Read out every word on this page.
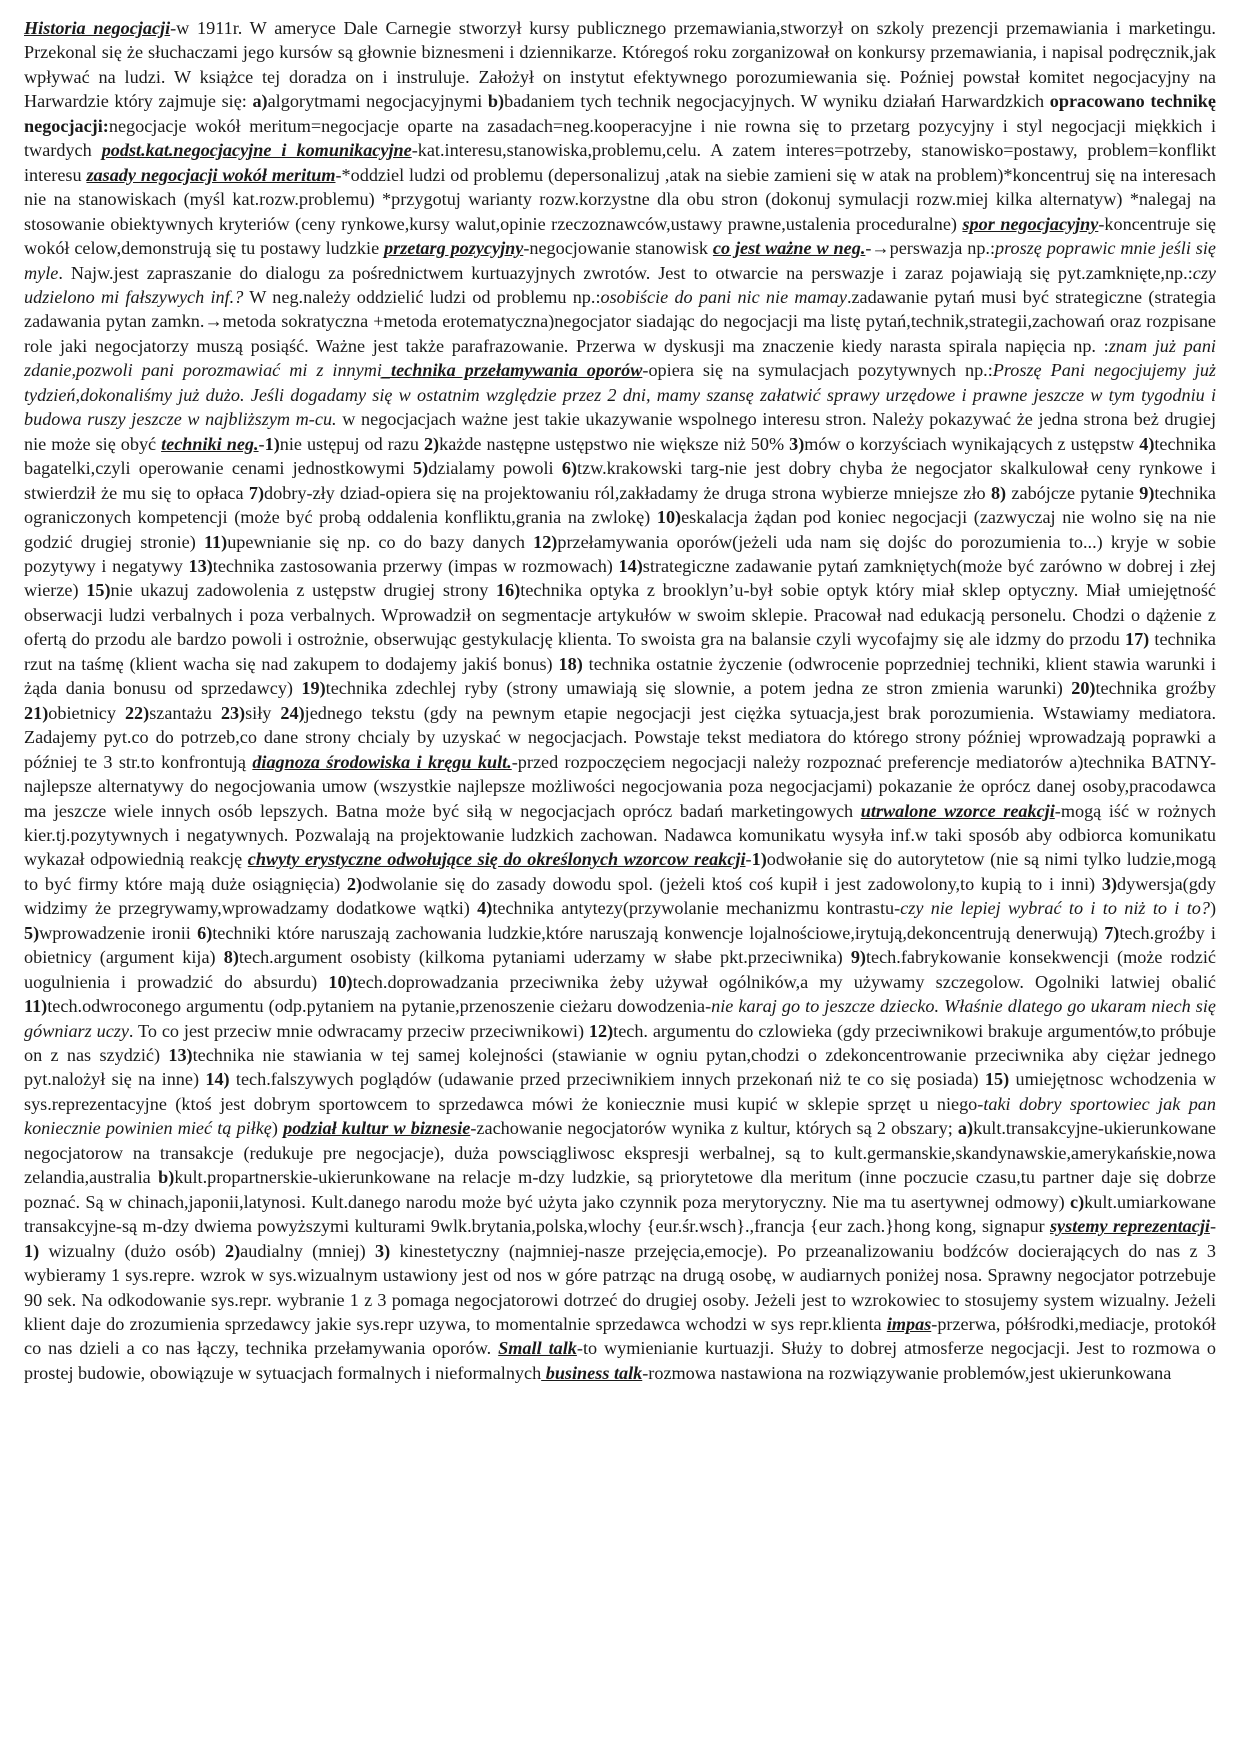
Historia negocjacji-w 1911r. W ameryce Dale Carnegie stworzył kursy publicznego przemawiania,stworzył on szkoly prezencji przemawiania i marketingu. Przekonal się że słuchaczami jego kursów są głownie biznesmeni i dziennikarze. Któregoś roku zorganizował on konkursy przemawiania, i napisal podręcznik,jak wpływać na ludzi. W książce tej doradza on i instruluje. Założył on instytut efektywnego porozumiewania się. Poźniej powstał komitet negocjacyjny na Harwardzie który zajmuje się: a)algorytmami negocjacyjnymi b)badaniem tych technik negocjacyjnych. W wyniku działań Harwardzkich opracowano technikę negocjacji:negocjacje wokół meritum=negocjacje oparte na zasadach=neg.kooperacyjne i nie rowna się to przetarg pozycyjny i styl negocjacji miękkich i twardych podst.kat.negocjacyjne i komunikacyjne-kat.interesu,stanowiska,problemu,celu. A zatem interes=potrzeby, stanowisko=postawy, problem=konflikt interesu zasady negocjacji wokół meritum-*oddziel ludzi od problemu (depersonalizuj ,atak na siebie zamieni się w atak na problem)*koncentruj się na interesach nie na stanowiskach (myśl kat.rozw.problemu) *przygotuj warianty rozw.korzystne dla obu stron (dokonuj symulacji rozw.miej kilka alternatyw) *nalegaj na stosowanie obiektywnych kryteriów (ceny rynkowe,kursy walut,opinie rzeczoznawców,ustawy prawne,ustalenia proceduralne) spor negocjacyjny-koncentruje się wokół celow,demonstrują się tu postawy ludzkie przetarg pozycyjny-negocjowanie stanowisk co jest ważne w neg.-→perswazja np.:proszę poprawic mnie jeśli się myle. Najw.jest zapraszanie do dialogu za pośrednictwem kurtuazyjnych zwrotów. Jest to otwarcie na perswazje i zaraz pojawiają się pyt.zamknięte,np.:czy udzielono mi fałszywych inf.? W neg.należy oddzielić ludzi od problemu np.:osobiście do pani nic nie mamay.zadawanie pytań musi być strategiczne (strategia zadawania pytan zamkn.→metoda sokratyczna +metoda erotematyczna)negocjator siadając do negocjacji ma listę pytań,technik,strategii,zachowań oraz rozpisane role jaki negocjatorzy muszą posiąść. Ważne jest także parafrazowanie. Przerwa w dyskusji ma znaczenie kiedy narasta spirala napięcia np. :znam już pani zdanie,pozwoli pani porozmawiać mi z innymi_technika przełamywania oporów-opiera się na symulacjach pozytywnych np.:Proszę Pani negocjujemy już tydzień,dokonaliśmy już dużo. Jeśli dogadamy się w ostatnim względzie przez 2 dni, mamy szansę załatwić sprawy urzędowe i prawne jeszcze w tym tygodniu i budowa ruszy jeszcze w najbliższym m-cu. w negocjacjach ważne jest takie ukazywanie wspolnego interesu stron. Należy pokazywać że jedna strona beż drugiej nie może się obyć techniki neg.-1)nie ustępuj od razu 2)każde następne ustępstwo nie większe niż 50% 3)mów o korzyściach wynikających z ustępstw 4)technika bagatelki,czyli operowanie cenami jednostkowymi 5)dzialamy powoli 6)tzw.krakowski targ-nie jest dobry chyba że negocjator skalkulował ceny rynkowe i stwierdził że mu się to opłaca 7)dobry-zły dziad-opiera się na projektowaniu ról,zakładamy że druga strona wybierze mniejsze zło 8) zabójcze pytanie 9)technika ograniczonych kompetencji (może być probą oddalenia konfliktu,grania na zwlokę) 10)eskalacja żądan pod koniec negocjacji (zazwyczaj nie wolno się na nie godzić drugiej stronie) 11)upewnianie się np. co do bazy danych 12)przełamywania oporów(jeżeli uda nam się dojśc do porozumienia to...) kryje w sobie pozytywy i negatywy 13)technika zastosowania przerwy (impas w rozmowach) 14)strategiczne zadawanie pytań zamkniętych(może być zarówno w dobrej i złej wierze) 15)nie ukazuj zadowolenia z ustępstw drugiej strony 16)technika optyka z brooklyn’u-był sobie optyk który miał sklep optyczny. Miał umiejętność obserwacji ludzi verbalnych i poza verbalnych. Wprowadził on segmentacje artykułów w swoim sklepie. Pracował nad edukacją personelu. Chodzi o dążenie z ofertą do przodu ale bardzo powoli i ostrożnie, obserwując gestykulację klienta. To swoista gra na balansie czyli wycofajmy się ale idzmy do przodu 17) technika rzut na taśmę (klient wacha się nad zakupem to dodajemy jakiś bonus) 18) technika ostatnie życzenie (odwrocenie poprzedniej techniki, klient stawia warunki i żąda dania bonusu od sprzedawcy) 19)technika zdechlej ryby (strony umawiają się slownie, a potem jedna ze stron zmienia warunki) 20)technika groźby 21)obietnicy 22)szantażu 23)siły 24)jednego tekstu (gdy na pewnym etapie negocjacji jest ciężka sytuacja,jest brak porozumienia. Wstawiamy mediatora. Zadajemy pyt.co do potrzeb,co dane strony chcialy by uzyskać w negocjacjach. Powstaje tekst mediatora do którego strony później wprowadzają poprawki a później te 3 str.to konfrontują diagnoza środowiska i kręgu kult.-przed rozpoczęciem negocjacji należy rozpoznać preferencje mediatorów a)technika BATNY-najlepsze alternatywy do negocjowania umow (wszystkie najlepsze możliwości negocjowania poza negocjacjami) pokazanie że oprócz danej osoby,pracodawca ma jeszcze wiele innych osób lepszych. Batna może być siłą w negocjacjach oprócz badań marketingowych utrwalone wzorce reakcji-mogą iść w rożnych kier.tj.pozytywnych i negatywnych. Pozwalają na projektowanie ludzkich zachowan. Nadawca komunikatu wysyła inf.w taki sposób aby odbiorca komunikatu wykazał odpowiednią reakcję chwyty erystyczne odwołujące się do określonych wzorcow reakcji-1)odwołanie się do autorytetow (nie są nimi tylko ludzie,mogą to być firmy które mają duże osiągnięcia) 2)odwolanie się do zasady dowodu spol. (jeżeli ktoś coś kupił i jest zadowolony,to kupią to i inni) 3)dywersja(gdy widzimy że przegrywamy,wprowadzamy dodatkowe wątki) 4)technika antytezy(przywolanie mechanizmu kontrastu-czy nie lepiej wybrać to i to niż to i to?) 5)wprowadzenie ironii 6)techniki które naruszają zachowania ludzkie,które naruszają konwencje lojalnościowe,irytują,dekoncentrują denerwują) 7)tech.groźby i obietnicy (argument kija) 8)tech.argument osobisty (kilkoma pytaniami uderzamy w słabe pkt.przeciwnika) 9)tech.fabrykowanie konsekwencji (może rodzić uogulnienia i prowadzić do absurdu) 10)tech.doprowadzania przeciwnika żeby używał ogólników,a my używamy szczegolow. Ogolniki latwiej obalić 11)tech.odwroconego argumentu (odp.pytaniem na pytanie,przenoszenie cieżaru dowodzenia-nie karaj go to jeszcze dziecko. Właśnie dlatego go ukaram niech się gówniarz uczy. To co jest przeciw mnie odwracamy przeciw przeciwnikowi) 12)tech. argumentu do czlowieka (gdy przeciwnikowi brakuje argumentów,to próbuje on z nas szydzić) 13)technika nie stawiania w tej samej kolejności (stawianie w ogniu pytan,chodzi o zdekoncentrowanie przeciwnika aby ciężar jednego pyt.nalożył się na inne) 14) tech.falszywych poglądów (udawanie przed przeciwnikiem innych przekonań niż te co się posiada) 15) umiejętnosc wchodzenia w sys.reprezentacyjne (ktoś jest dobrym sportowcem to sprzedawca mówi że koniecznie musi kupić w sklepie sprzęt u niego-taki dobry sportowiec jak pan koniecznie powinien mieć tą piłkę) podział kultur w biznesie-zachowanie negocjatorów wynika z kultur, których są 2 obszary; a)kult.transakcyjne-ukierunkowane negocjatorow na transakcje (redukuje pre negocjacje), duża powsciągliwosc ekspresji werbalnej, są to kult.germanskie,skandynawskie,amerykańskie,nowa zelandia,australia b)kult.propartnerskie-ukierunkowane na relacje m-dzy ludzkie, są priorytetowe dla meritum (inne poczucie czasu,tu partner daje się dobrze poznać. Są w chinach,japonii,latynosi. Kult.danego narodu może być użyta jako czynnik poza merytoryczny. Nie ma tu asertywnej odmowy) c)kult.umiarkowane transakcyjne-są m-dzy dwiema powyższymi kulturami 9wlk.brytania,polska,wlochy {eur.śr.wsch}.,francja {eur zach.}hong kong, signapur systemy reprezentacji-1) wizualny (dużo osób) 2)audialny (mniej) 3) kinestetyczny (najmniej-nasze przejęcia,emocje). Po przeanalizowaniu bodźców docierających do nas z 3 wybieramy 1 sys.repre. wzrok w sys.wizualnym ustawiony jest od nos w góre patrząc na drugą osobę, w audiarnych poniżej nosa. Sprawny negocjator potrzebuje 90 sek. Na odkodowanie sys.repr. wybranie 1 z 3 pomaga negocjatorowi dotrzeć do drugiej osoby. Jeżeli jest to wzrokowiec to stosujemy system wizualny. Jeżeli klient daje do zrozumienia sprzedawcy jakie sys.repr uzywa, to momentalnie sprzedawca wchodzi w sys repr.klienta impas-przerwa, półśrodki,mediacje, protokół co nas dzieli a co nas łączy, technika przełamywania oporów. Small talk-to wymienianie kurtuazji. Służy to dobrej atmosferze negocjacji. Jest to rozmowa o prostej budowie, obowiązuje w sytuacjach formalnych i nieformalnych business talk-rozmowa nastawiona na rozwiązywanie problemów,jest ukierunkowana
